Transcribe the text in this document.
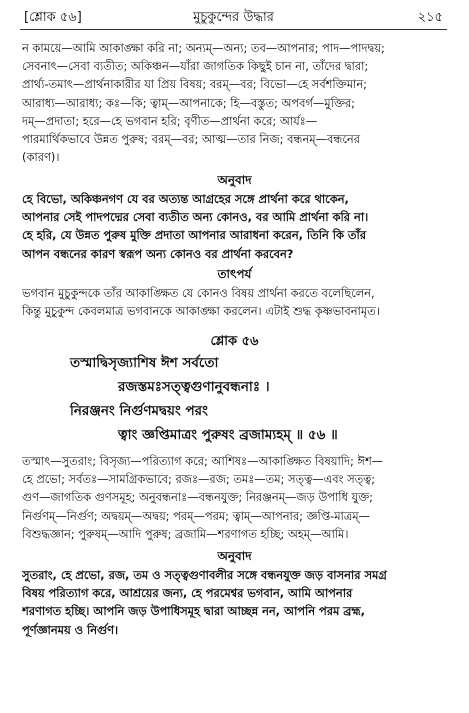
[শ্লোক ৫৬]	মুচুকুন্দের উদ্ধার	২১৫
ন কাময়ে—আমি আকাঙ্ক্ষা করি না; অন্যম্—অন্য; তব—আপনার; পাদ—পাদদ্বয়;
সেবনাৎ—সেবা ব্যতীত; অকিঞ্চন—যাঁরা জাগতিক কিছুই চান না, তাঁদের দ্বারা;
প্রার্থ্য-তমাৎ—প্রার্থনাকারীর যা প্রিয় বিষয়; বরম্—বর; বিভো—হে সর্বশক্তিমান;
আরাধ্য—আরাধ্য; কঃ—কি; ত্বাম্—আপনাকে; হি—বস্তুত; অপবর্গ—মুক্তির;
দম্—প্রদাতা; হরে—হে ভগবান হরি; বৃণীত—প্রার্থনা করে; আর্যঃ—
পারমার্থিকভাবে উন্নত পুরুষ; বরম্—বর; আত্ম—তার নিজ; বন্ধনম্—বন্ধনের
(কারণ)।
অনুবাদ
হে বিভো, অকিঞ্চনগণ যে বর অত্যন্ত আগ্রহের সঙ্গে প্রার্থনা করে থাকেন,
আপনার সেই পাদপদ্মের সেবা ব্যতীত অন্য কোনও, বর আমি প্রার্থনা করি না।
হে হরি, যে উন্নত পুরুষ মুক্তি প্রদাতা আপনার আরাধনা করেন, তিনি কি তাঁর
আপন বন্ধনের কারণ স্বরূপ অন্য কোনও বর প্রার্থনা করবেন?
তাৎপর্য
ভগবান মুচুকুন্দকে তাঁর আকাঙ্ক্ষিত যে কোনও বিষয় প্রার্থনা করতে বলেছিলেন,
কিন্তু মুচুকুন্দ কেবলমাত্র ভগবানকে আকাঙ্ক্ষা করলেন। এটাই শুদ্ধ কৃষ্ণভাবনামৃত।
শ্লোক ৫৬
তস্মাদ্বিসৃজ্যাশিষ ঈশ সর্বতো
রজস্তমঃসত্ত্বগুণানুবন্ধনাঃ ।
নিরঞ্জনং নির্গুণমদ্বয়ং পরং
ত্বাং জ্ঞপ্তিমাত্রং পুরুষং ব্রজাম্যহম্ ॥ ৫৬ ॥
তস্মাৎ—সুতরাং; বিসৃজ্য—পরিত্যাগ করে; আশিষঃ—আকাঙ্ক্ষিত বিষয়াদি; ঈশ—
হে প্রভো; সর্বতঃ—সামগ্রিকভাবে; রজঃ—রজ; তমঃ—তম; সত্ত্ব—এবং সত্ত্ব;
গুণ—জাগতিক গুণসমূহ; অনুবন্ধনাঃ—বন্ধনযুক্ত; নিরঞ্জনম্—জড় উপাধি যুক্ত;
নির্গুণম্—নির্গুণ; অদ্বয়ম্—অদ্বয়; পরম্—পরম; ত্বাম্—আপনার; জ্ঞপ্তি-মাত্রম্—
বিশুদ্ধজ্ঞান; পুরুষম্—আদি পুরুষ; ব্রজামি—শরণাগত হচ্ছি; অহম্—আমি।
অনুবাদ
সুতরাং, হে প্রভো, রজ, তম ও সত্ত্বগুণাবলীর সঙ্গে বন্ধনযুক্ত জড় বাসনার সমগ্র
বিষয় পরিত্যাগ করে, আশ্রয়ের জন্য, হে পরমেশ্বর ভগবান, আমি আপনার
শরণাগত হচ্ছি। আপনি জড় উপাধিসমূহ দ্বারা আচ্ছন্ন নন, আপনি পরম ব্রহ্ম,
পূর্ণজ্ঞানময় ও নির্গুণ।
